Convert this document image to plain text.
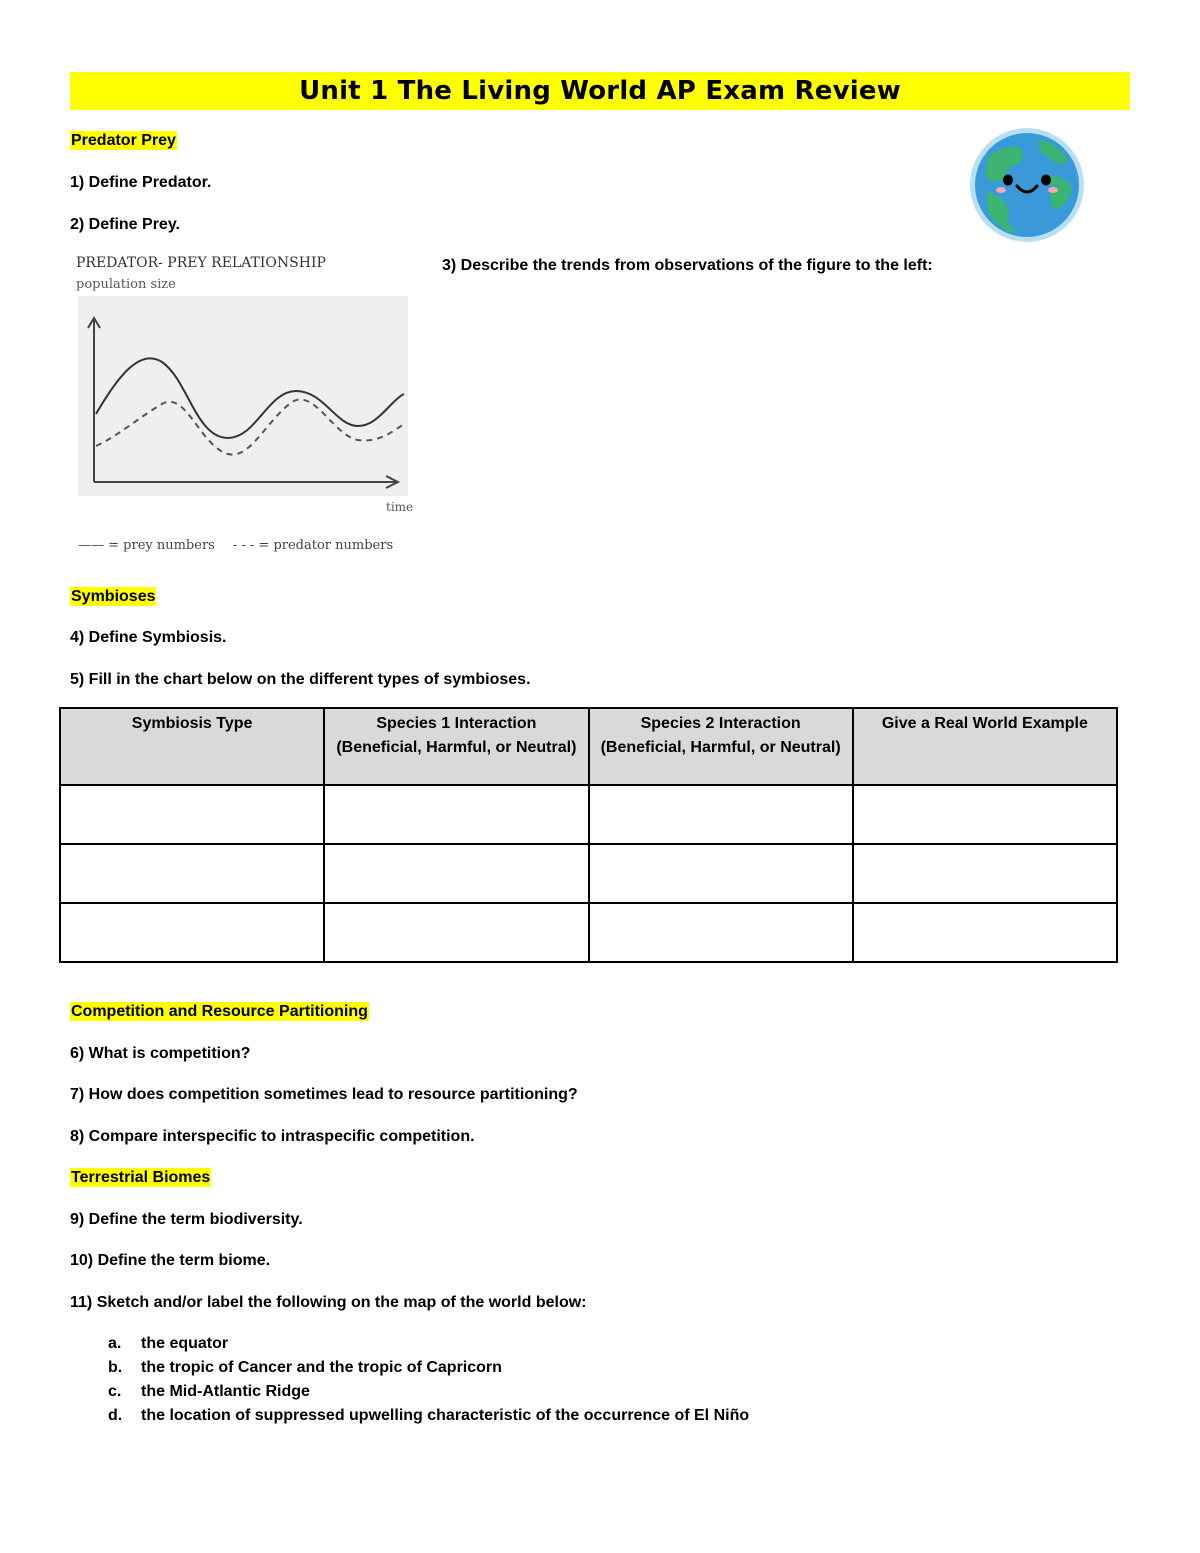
Unit 1 The Living World AP Exam Review
Predator Prey
1) Define Predator.
2) Define Prey.
3) Describe the trends from observations of the figure to the left:
PREDATOR- PREY RELATIONSHIP
population size
time
—— = prey numbers - - - = predator numbers
Symbioses
4) Define Symbiosis.
5) Fill in the chart below on the different types of symbioses.
Symbiosis Type	Species 1 Interaction (Beneficial, Harmful, or Neutral)	Species 2 Interaction (Beneficial, Harmful, or Neutral)	Give a Real World Example

Competition and Resource Partitioning
6) What is competition?
7) How does competition sometimes lead to resource partitioning?
8) Compare interspecific to intraspecific competition.
Terrestrial Biomes
9) Define the term biodiversity.
10) Define the term biome.
11) Sketch and/or label the following on the map of the world below:
a. the equator
b. the tropic of Cancer and the tropic of Capricorn
c. the Mid-Atlantic Ridge
d. the location of suppressed upwelling characteristic of the occurrence of El Niño
